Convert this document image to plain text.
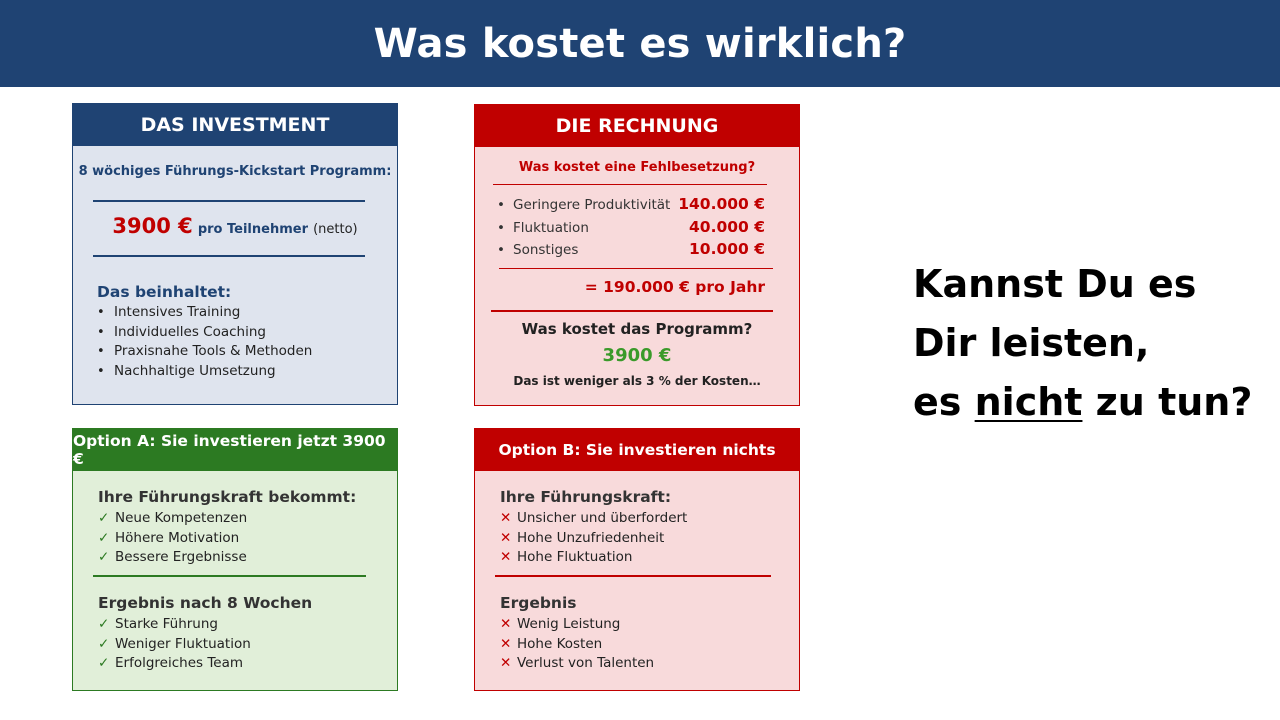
Was kostet es wirklich?
DAS INVESTMENT
8 wöchiges Führungs-Kickstart Programm:
3900 € pro Teilnehmer (netto)
Das beinhaltet:
•
Intensives Training
•
Individuelles Coaching
•
Praxisnahe Tools & Methoden
•
Nachhaltige Umsetzung
DIE RECHNUNG
Was kostet eine Fehlbesetzung?
• Geringere Produktivität 140.000 €
• Fluktuation	40.000 €
• Sonstiges	10.000 €
= 190.000 € pro Jahr
Was kostet das Programm?
3900 €
Das ist weniger als 3 % der Kosten…
Option A: Sie investieren jetzt 3900 €
Ihre Führungskraft bekommt:
✓ Neue Kompetenzen
✓ Höhere Motivation
✓ Bessere Ergebnisse
Ergebnis nach 8 Wochen
✓ Starke Führung
✓ Weniger Fluktuation
✓ Erfolgreiches Team
Option B: Sie investieren nichts
Ihre Führungskraft:
✕ Unsicher und überfordert
✕ Hohe Unzufriedenheit
✕ Hohe Fluktuation
Ergebnis
✕ Wenig Leistung
✕ Hohe Kosten
✕ Verlust von Talenten
Kannst Du es
Dir leisten,
es nicht zu tun?
